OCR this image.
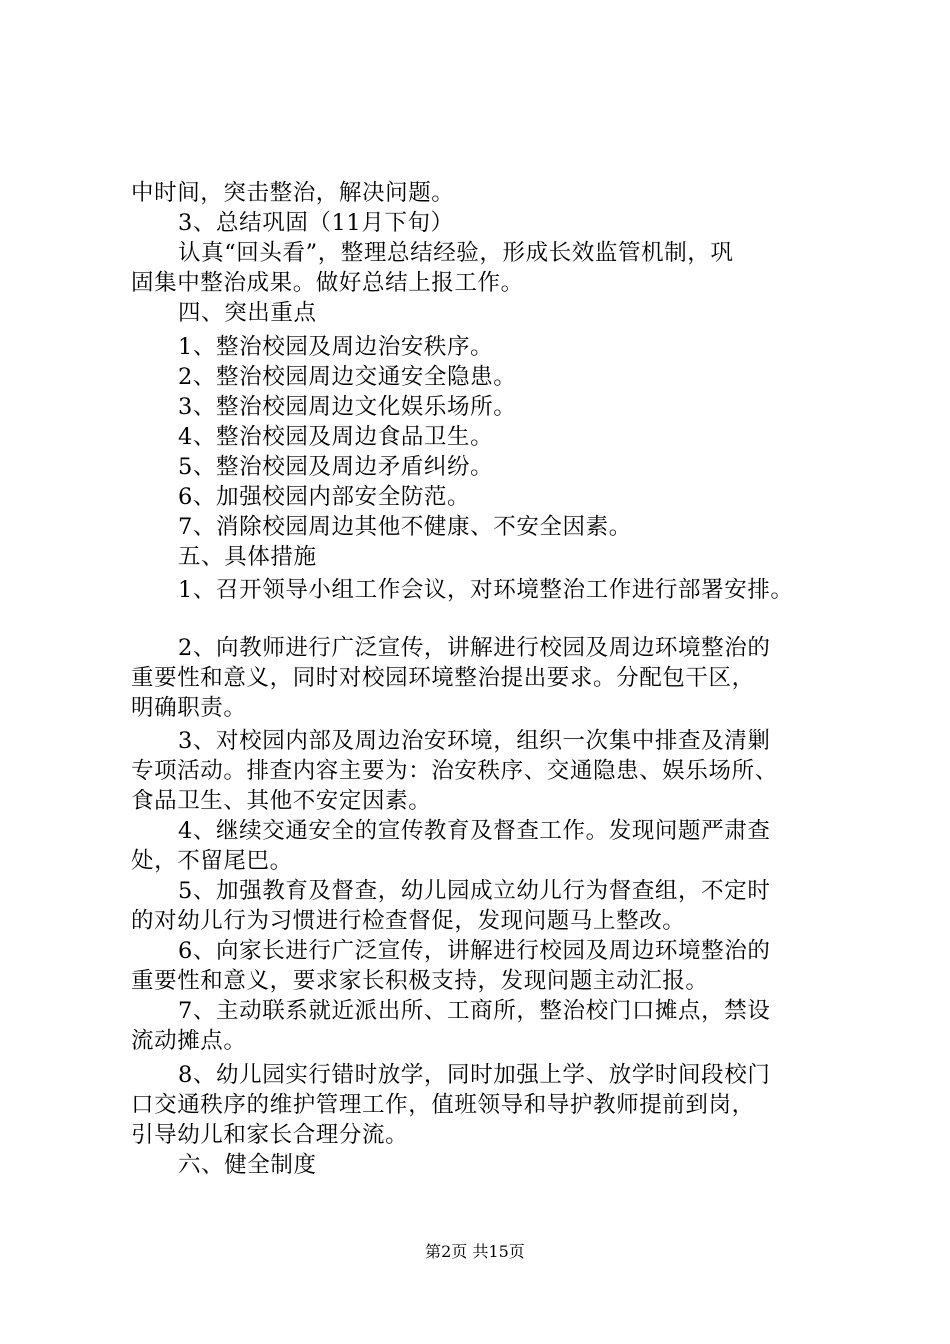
中时间，突击整治，解决问题。
3、总结巩固（11月下旬）
认真“回头看”，整理总结经验，形成长效监管机制，巩
固集中整治成果。做好总结上报工作。
四、突出重点
1、整治校园及周边治安秩序。
2、整治校园周边交通安全隐患。
3、整治校园周边文化娱乐场所。
4、整治校园及周边食品卫生。
5、整治校园及周边矛盾纠纷。
6、加强校园内部安全防范。
7、消除校园周边其他不健康、不安全因素。
五、具体措施
1、召开领导小组工作会议，对环境整治工作进行部署安排。
2、向教师进行广泛宣传，讲解进行校园及周边环境整治的
重要性和意义，同时对校园环境整治提出要求。分配包干区，
明确职责。
3、对校园内部及周边治安环境，组织一次集中排查及清剿
专项活动。排查内容主要为：治安秩序、交通隐患、娱乐场所、
食品卫生、其他不安定因素。
4、继续交通安全的宣传教育及督查工作。发现问题严肃查
处，不留尾巴。
5、加强教育及督查，幼儿园成立幼儿行为督查组，不定时
的对幼儿行为习惯进行检查督促，发现问题马上整改。
6、向家长进行广泛宣传，讲解进行校园及周边环境整治的
重要性和意义，要求家长积极支持，发现问题主动汇报。
7、主动联系就近派出所、工商所，整治校门口摊点，禁设
流动摊点。
8、幼儿园实行错时放学，同时加强上学、放学时间段校门
口交通秩序的维护管理工作，值班领导和导护教师提前到岗，
引导幼儿和家长合理分流。
六、健全制度
第2页 共15页
